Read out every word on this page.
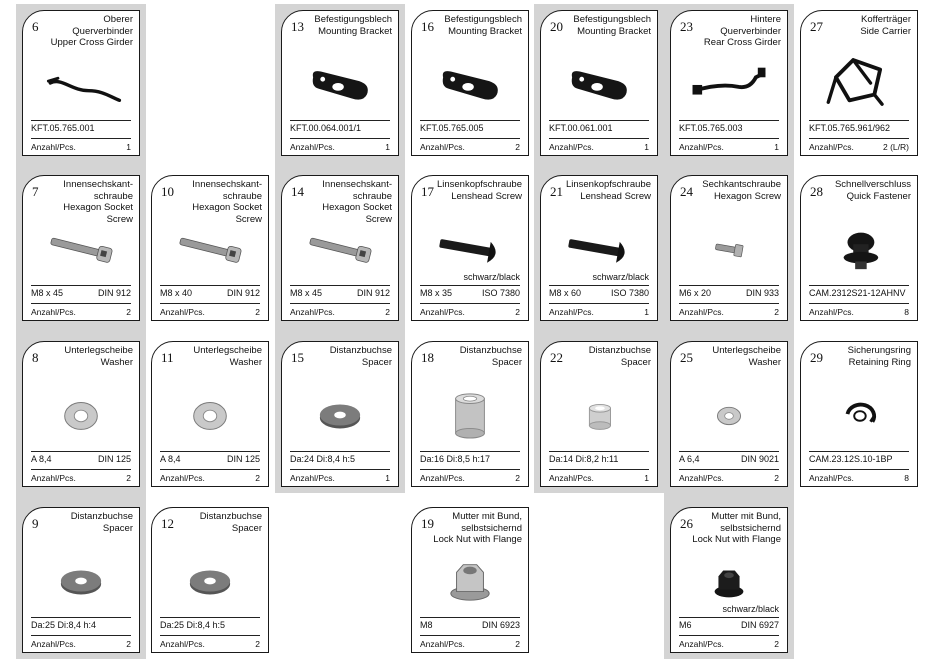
6	Oberer Querverbinder
Upper Cross Girder
KFT.05.765.001
Anzahl/Pcs.	1
13	Befestigungsblech
Mounting Bracket
KFT.00.064.001/1
Anzahl/Pcs.	1
16	Befestigungsblech
Mounting Bracket
KFT.05.765.005
Anzahl/Pcs.	2
20	Befestigungsblech
Mounting Bracket
KFT.00.061.001
Anzahl/Pcs.	1
23	Hintere Querverbinder
Rear Cross Girder
KFT.05.765.003
Anzahl/Pcs.	1
27	Kofferträger
Side Carrier
KFT.05.765.961/962
Anzahl/Pcs.	2 (L/R)
7	Innensechskant-
schraube
Hexagon Socket Screw
M8 x 45	DIN 912
Anzahl/Pcs.	2
10	Innensechskant-
schraube
Hexagon Socket Screw
M8 x 40	DIN 912
Anzahl/Pcs.	2
14	Innensechskant-
schraube
Hexagon Socket Screw
M8 x 45	DIN 912
Anzahl/Pcs.	2
17 Linsenkopfschraube
Lenshead Screw
schwarz/black
M8 x 35	ISO 7380
Anzahl/Pcs.	2
21 Linsenkopfschraube
Lenshead Screw
schwarz/black
M8 x 60	ISO 7380
Anzahl/Pcs.	1
24 Sechkantschraube
Hexagon Screw
M6 x 20	DIN 933
Anzahl/Pcs.	2
28	Schnellverschluss
Quick Fastener
CAM.2312S21-12AHNV
Anzahl/Pcs.	8
8	Unterlegscheibe
Washer
A 8,4	DIN 125
Anzahl/Pcs.	2
11	Unterlegscheibe
Washer
A 8,4	DIN 125
Anzahl/Pcs.	2
15	Distanzbuchse
Spacer
Da:24 Di:8,4 h:5
Anzahl/Pcs.	1
18	Distanzbuchse
Spacer
Da:16 Di:8,5 h:17
Anzahl/Pcs.	2
22	Distanzbuchse
Spacer
Da:14 Di:8,2 h:11
Anzahl/Pcs.	1
25	Unterlegscheibe
Washer
A 6,4	DIN 9021
Anzahl/Pcs.	2
29	Sicherungsring
Retaining Ring
CAM.23.12S.10-1BP
Anzahl/Pcs.	8
9	Distanzbuchse
Spacer
Da:25 Di:8,4 h:4
Anzahl/Pcs.	2
12	Distanzbuchse
Spacer
Da:25 Di:8,4 h:5
Anzahl/Pcs.	2
19	Mutter mit Bund,
selbstsichernd
Lock Nut with Flange
M8	DIN 6923
Anzahl/Pcs.	2
26	Mutter mit Bund,
selbstsichernd
Lock Nut with Flange
schwarz/black
M6	DIN 6927
Anzahl/Pcs.	2
